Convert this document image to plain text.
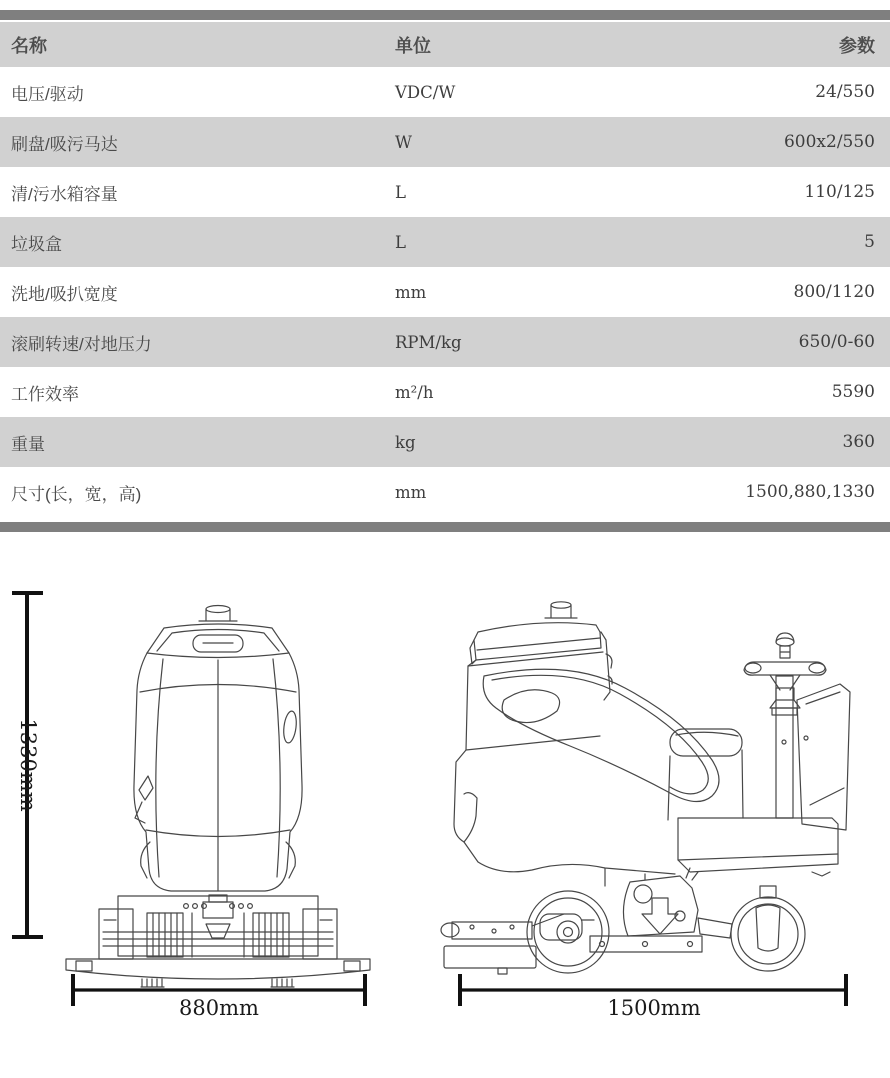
名称	单位	参数
电压/驱动	VDC/W	24/550
刷盘/吸污马达	W	600x2/550
清/污水箱容量	L	110/125
垃圾盒	L	5
洗地/吸扒宽度	mm	800/1120
滚刷转速/对地压力	RPM/kg	650/0-60
工作效率	m²/h	5590
重量	kg	360
尺寸(长，宽，高)	mm	1500,880,1330
1330mm
880mm	1500mm
